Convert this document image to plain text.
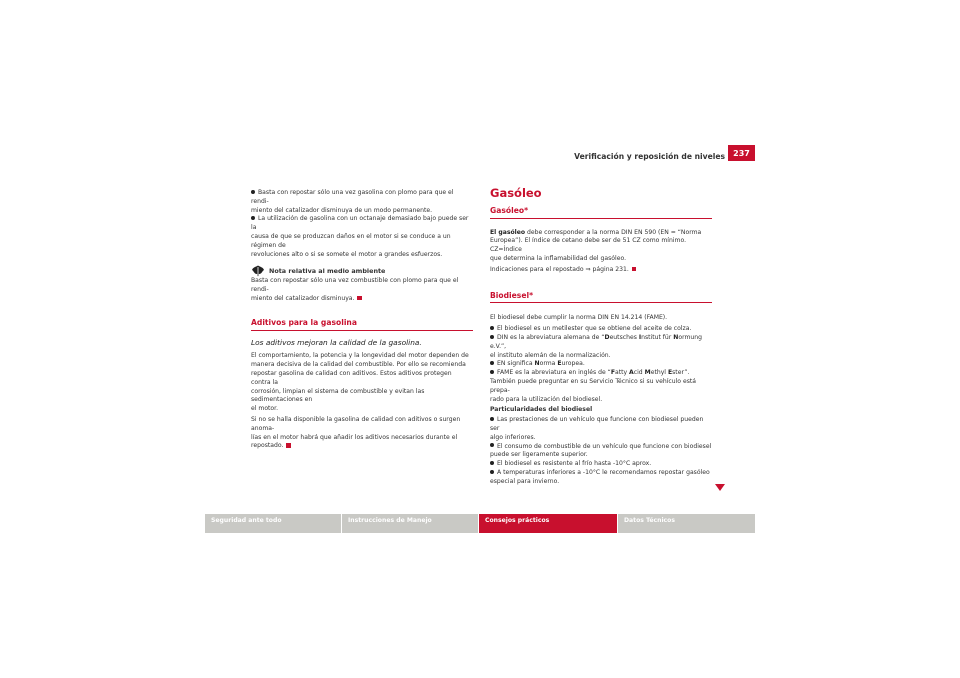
Verificación y reposición de niveles	237

Basta con repostar sólo una vez gasolina con plomo para que el rendi-
miento del catalizador disminuya de un modo permanente.

La utilización de gasolina con un octanaje demasiado bajo puede ser la
causa de que se produzcan daños en el motor si se conduce a un régimen de
revoluciones alto o si se somete el motor a grandes esfuerzos.

Nota relativa al medio ambiente

Basta con repostar sólo una vez combustible con plomo para que el rendi-
miento del catalizador disminuya.

Aditivos para la gasolina
Los aditivos mejoran la calidad de la gasolina.

El comportamiento, la potencia y la longevidad del motor dependen de
manera decisiva de la calidad del combustible. Por ello se recomienda
repostar gasolina de calidad con aditivos. Estos aditivos protegen contra la
corrosión, limpian el sistema de combustible y evitan las sedimentaciones en
el motor.

Si no se halla disponible la gasolina de calidad con aditivos o surgen anoma-
lías en el motor habrá que añadir los aditivos necesarios durante el
repostado.

Gasóleo
Gasóleo*

El gasóleo debe corresponder a la norma DIN EN 590 (EN = “Norma
Europea”). El índice de cetano debe ser de 51 CZ como mínimo. CZ=Índice
que determina la inflamabilidad del gasóleo.

Indicaciones para el repostado ⇒ página 231.

Biodiesel*

El biodiesel debe cumplir la norma DIN EN 14.214 (FAME).

El biodiesel es un metilester que se obtiene del aceite de colza.

DIN es la abreviatura alemana de “Deutsches Institut für Normung e.V.”,
el instituto alemán de la normalización.

EN significa Norma Europea.

FAME es la abreviatura en inglés de “Fatty Acid Methyl Ester”.

También puede preguntar en su Servicio Técnico si su vehículo está prepa-
rado para la utilización del biodiesel.

Particularidades del biodiesel

Las prestaciones de un vehículo que funcione con biodiesel pueden ser
algo inferiores.

El consumo de combustible de un vehículo que funcione con biodiesel
puede ser ligeramente superior.

El biodiesel es resistente al frío hasta -10°C aprox.

A temperaturas inferiores a -10°C le recomendamos repostar gasóleo
especial para invierno.

Seguridad ante todo	Instrucciones de Manejo	Consejos prácticos	Datos Técnicos
